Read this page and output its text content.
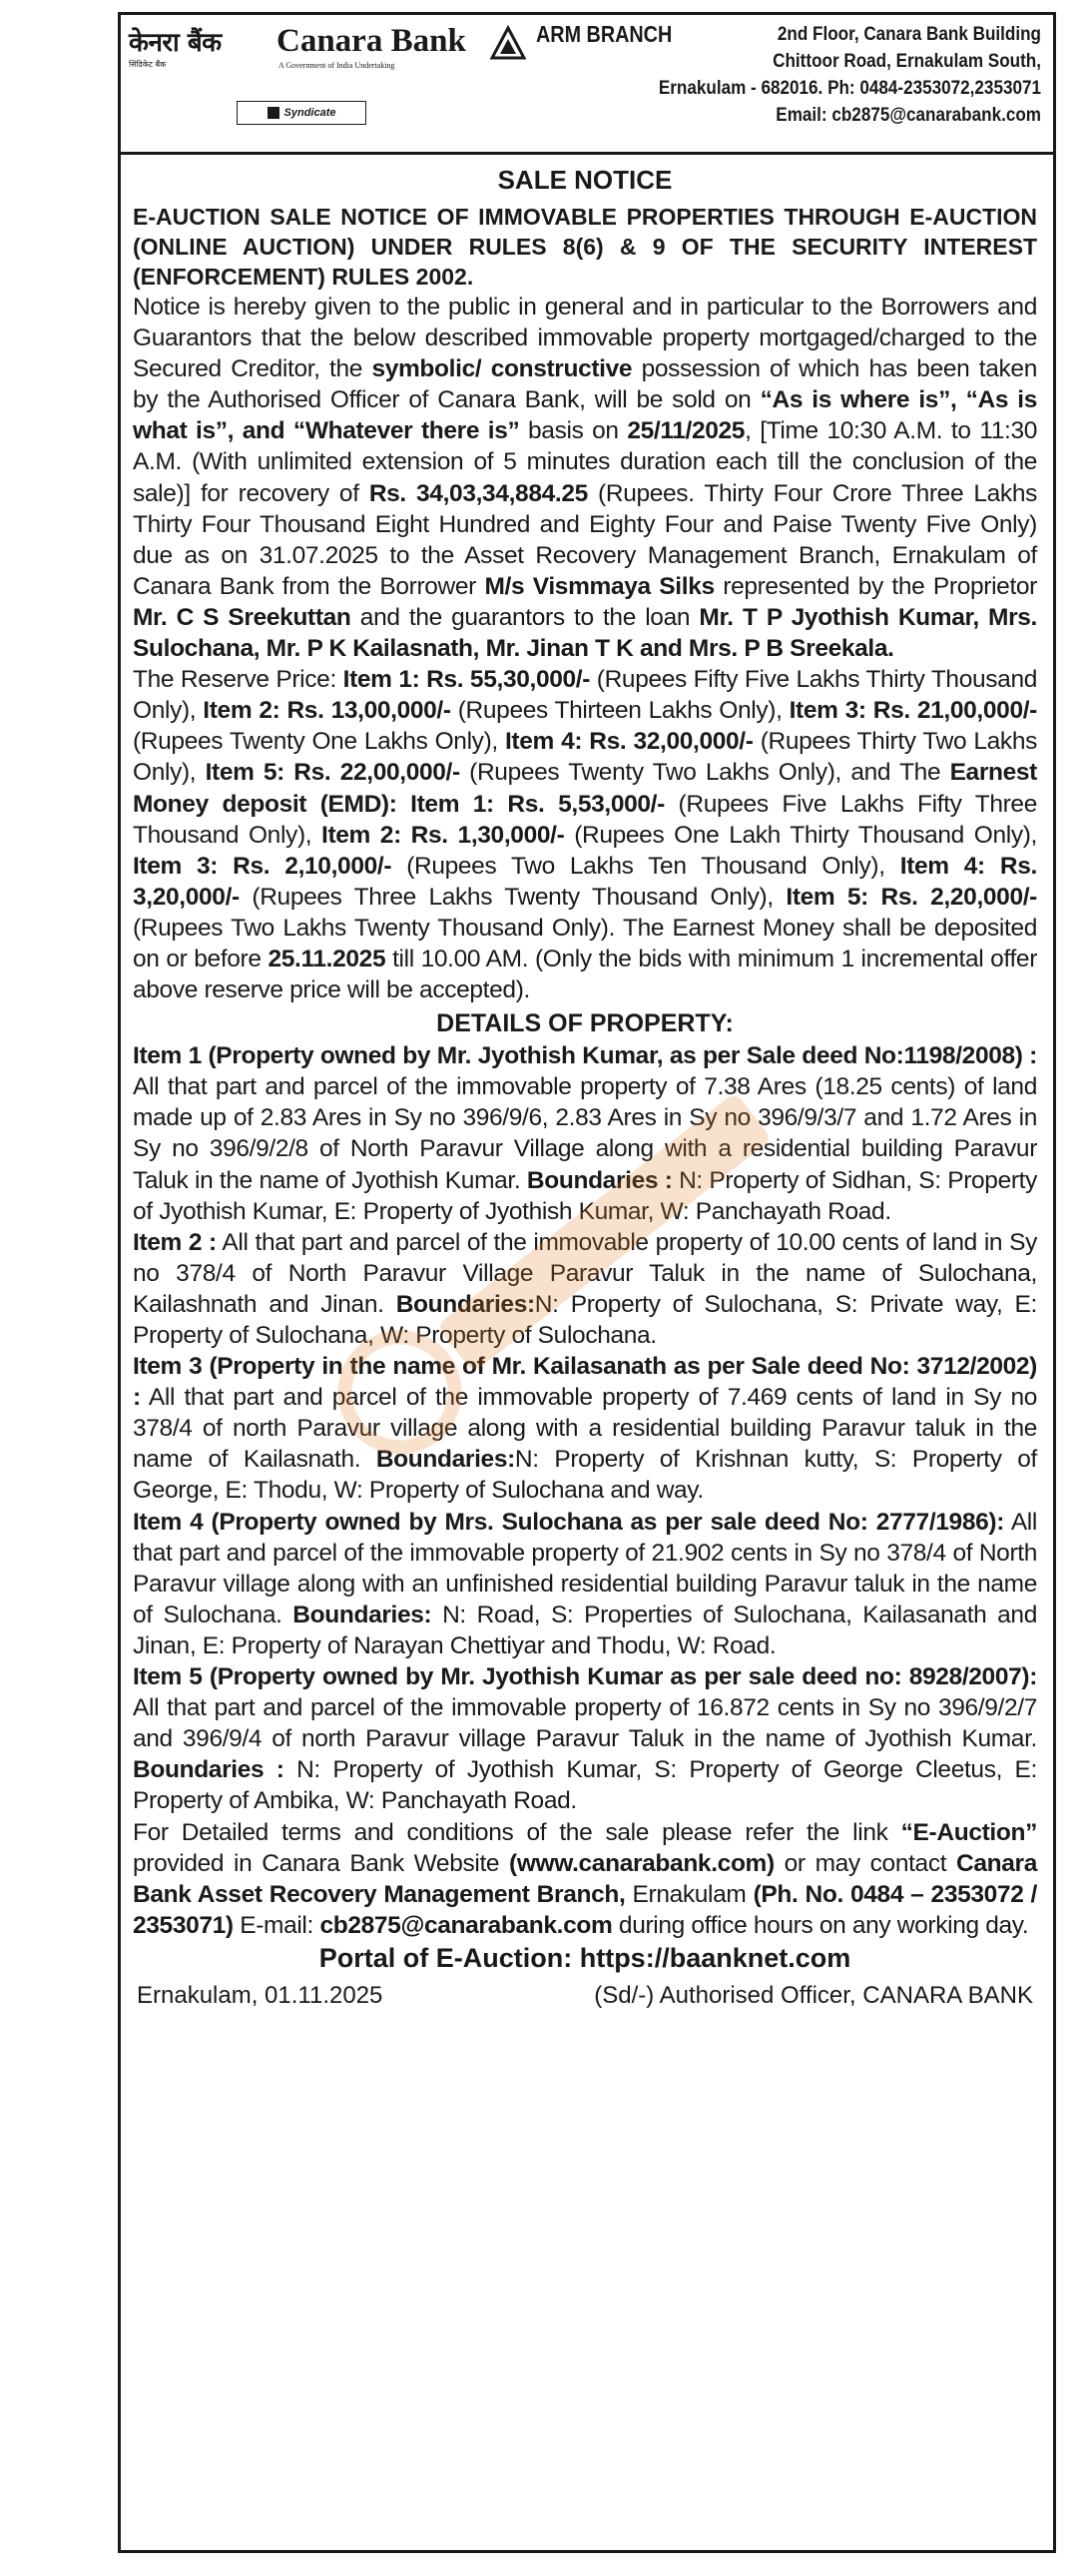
केनरा बैंक
सिंडिकेट बैंक
Canara Bank
A Government of India Undertaking
Syndicate
ARM BRANCH	2nd Floor, Canara Bank Building
Chittoor Road, Ernakulam South,
Ernakulam - 682016. Ph: 0484-2353072,2353071
Email: cb2875@canarabank.com
SALE NOTICE
E-AUCTION SALE NOTICE OF IMMOVABLE PROPERTIES THROUGH E-AUCTION (ONLINE AUCTION) UNDER RULES 8(6) & 9 OF THE SECURITY INTEREST (ENFORCEMENT) RULES 2002.

Notice is hereby given to the public in general and in particular to the Borrowers and Guarantors that the below described immovable property mortgaged/charged to the Secured Creditor, the symbolic/ constructive possession of which has been taken by the Authorised Officer of Canara Bank, will be sold on “As is where is”, “As is what is”, and “Whatever there is” basis on 25/11/2025, [Time 10:30 A.M. to 11:30 A.M. (With unlimited extension of 5 minutes duration each till the conclusion of the sale)] for recovery of Rs. 34,03,34,884.25 (Rupees. Thirty Four Crore Three Lakhs Thirty Four Thousand Eight Hundred and Eighty Four and Paise Twenty Five Only) due as on 31.07.2025 to the Asset Recovery Management Branch, Ernakulam of Canara Bank from the Borrower M/s Vismmaya Silks represented by the Proprietor Mr. C S Sreekuttan and the guarantors to the loan Mr. T P Jyothish Kumar, Mrs. Sulochana, Mr. P K Kailasnath, Mr. Jinan T K and Mrs. P B Sreekala.

The Reserve Price: Item 1: Rs. 55,30,000/- (Rupees Fifty Five Lakhs Thirty Thousand Only), Item 2: Rs. 13,00,000/- (Rupees Thirteen Lakhs Only), Item 3: Rs. 21,00,000/- (Rupees Twenty One Lakhs Only), Item 4: Rs. 32,00,000/- (Rupees Thirty Two Lakhs Only), Item 5: Rs. 22,00,000/- (Rupees Twenty Two Lakhs Only), and The Earnest Money deposit (EMD): Item 1: Rs. 5,53,000/- (Rupees Five Lakhs Fifty Three Thousand Only), Item 2: Rs. 1,30,000/- (Rupees One Lakh Thirty Thousand Only), Item 3: Rs. 2,10,000/- (Rupees Two Lakhs Ten Thousand Only), Item 4: Rs. 3,20,000/- (Rupees Three Lakhs Twenty Thousand Only), Item 5: Rs. 2,20,000/- (Rupees Two Lakhs Twenty Thousand Only). The Earnest Money shall be deposited on or before 25.11.2025 till 10.00 AM. (Only the bids with minimum 1 incremental offer above reserve price will be accepted).

DETAILS OF PROPERTY:

Item 1 (Property owned by Mr. Jyothish Kumar, as per Sale deed No:1198/2008) : All that part and parcel of the immovable property of 7.38 Ares (18.25 cents) of land made up of 2.83 Ares in Sy no 396/9/6, 2.83 Ares in Sy no 396/9/3/7 and 1.72 Ares in Sy no 396/9/2/8 of North Paravur Village along with a residential building Paravur Taluk in the name of Jyothish Kumar. Boundaries : N: Property of Sidhan, S: Property of Jyothish Kumar, E: Property of Jyothish Kumar, W: Panchayath Road.

Item 2 : All that part and parcel of the immovable property of 10.00 cents of land in Sy no 378/4 of North Paravur Village Paravur Taluk in the name of Sulochana, Kailashnath and Jinan. Boundaries:N: Property of Sulochana, S: Private way, E: Property of Sulochana, W: Property of Sulochana.

Item 3 (Property in the name of Mr. Kailasanath as per Sale deed No: 3712/2002) : All that part and parcel of the immovable property of 7.469 cents of land in Sy no 378/4 of north Paravur village along with a residential building Paravur taluk in the name of Kailasnath. Boundaries:N: Property of Krishnan kutty, S: Property of George, E: Thodu, W: Property of Sulochana and way.

Item 4 (Property owned by Mrs. Sulochana as per sale deed No: 2777/1986): All that part and parcel of the immovable property of 21.902 cents in Sy no 378/4 of North Paravur village along with an unfinished residential building Paravur taluk in the name of Sulochana. Boundaries: N: Road, S: Properties of Sulochana, Kailasanath and Jinan, E: Property of Narayan Chettiyar and Thodu, W: Road.

Item 5 (Property owned by Mr. Jyothish Kumar as per sale deed no: 8928/2007): All that part and parcel of the immovable property of 16.872 cents in Sy no 396/9/2/7 and 396/9/4 of north Paravur village Paravur Taluk in the name of Jyothish Kumar. Boundaries : N: Property of Jyothish Kumar, S: Property of George Cleetus, E: Property of Ambika, W: Panchayath Road.

For Detailed terms and conditions of the sale please refer the link “E-Auction” provided in Canara Bank Website (www.canarabank.com) or may contact Canara Bank Asset Recovery Management Branch, Ernakulam (Ph. No. 0484 – 2353072 / 2353071) E-mail: cb2875@canarabank.com during office hours on any working day.

Portal of E-Auction: https://baanknet.com
Ernakulam, 01.11.2025	(Sd/-) Authorised Officer, CANARA BANK
